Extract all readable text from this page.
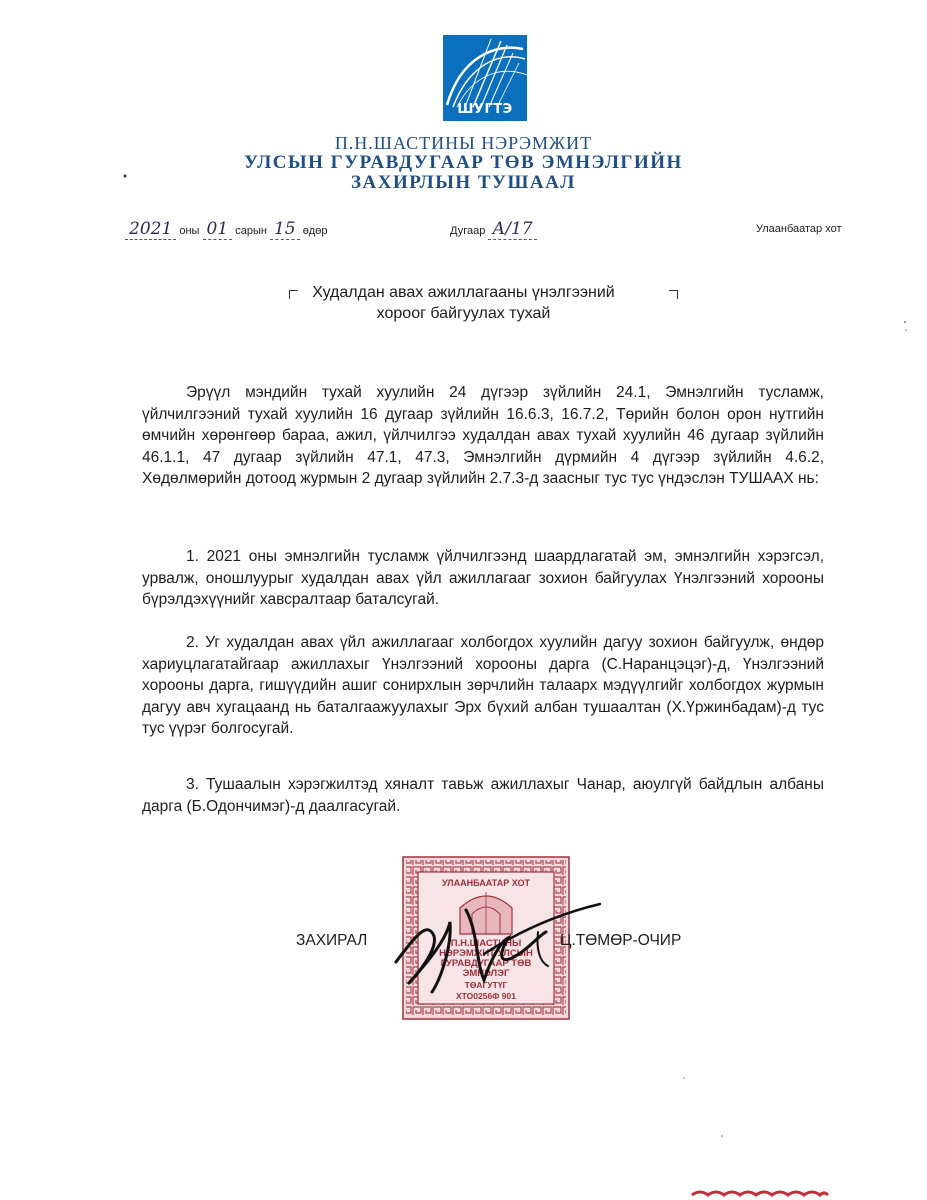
ШУГТЭ
П.Н.ШАСТИНЫ НЭРЭМЖИТ
УЛСЫН ГУРАВДУГААР ТӨВ ЭМНЭЛГИЙН
ЗАХИРЛЫН ТУШААЛ
2021 оны 01 сарын 15 өдөр	Дугаар А/17	Улаанбаатар хот
Худалдан авах ажиллагааны үнэлгээний
хороог байгуулах тухай
Эрүүл мэндийн тухай хуулийн 24 дүгээр зүйлийн 24.1, Эмнэлгийн тусламж, үйлчилгээний тухай хуулийн 16 дугаар зүйлийн 16.6.3, 16.7.2, Төрийн болон орон нутгийн өмчийн хөрөнгөөр бараа, ажил, үйлчилгээ худалдан авах тухай хуулийн 46 дугаар зүйлийн 46.1.1, 47 дугаар зүйлийн 47.1, 47.3, Эмнэлгийн дүрмийн 4 дүгээр зүйлийн 4.6.2, Хөдөлмөрийн дотоод журмын 2 дугаар зүйлийн 2.7.3-д заасныг тус тус үндэслэн ТУШААХ нь:
1. 2021 оны эмнэлгийн тусламж үйлчилгээнд шаардлагатай эм, эмнэлгийн хэрэгсэл, урвалж, оношлуурыг худалдан авах үйл ажиллагааг зохион байгуулах Үнэлгээний хорооны бүрэлдэхүүнийг хавсралтаар баталсугай.
2. Уг худалдан авах үйл ажиллагааг холбогдох хуулийн дагуу зохион байгуулж, өндөр хариуцлагатайгаар ажиллахыг Үнэлгээний хорооны дарга (С.Наранцэцэг)-д, Үнэлгээний хорооны дарга, гишүүдийн ашиг сонирхлын зөрчлийн талаарх мэдүүлгийг холбогдох журмын дагуу авч хугацаанд нь баталгаажуулахыг Эрх бүхий албан тушаалтан (Х.Үржинбадам)-д тус тус үүрэг болгосугай.
3. Тушаалын хэрэгжилтэд хяналт тавьж ажиллахыг Чанар, аюулгүй байдлын албаны дарга (Б.Одончимэг)-д даалгасугай.
УЛААНБААТАР ХОТ
П.Н.ШАСТИНЫ
НЭРЭМЖИТ УЛСЫН
ГУРАВДУГААР ТӨВ
ЭМНЭЛЭГ
ТӨАГУТҮГ
ХТО0256Ф 901
ЗАХИРАЛ	Ц.ТӨМӨР-ОЧИР
